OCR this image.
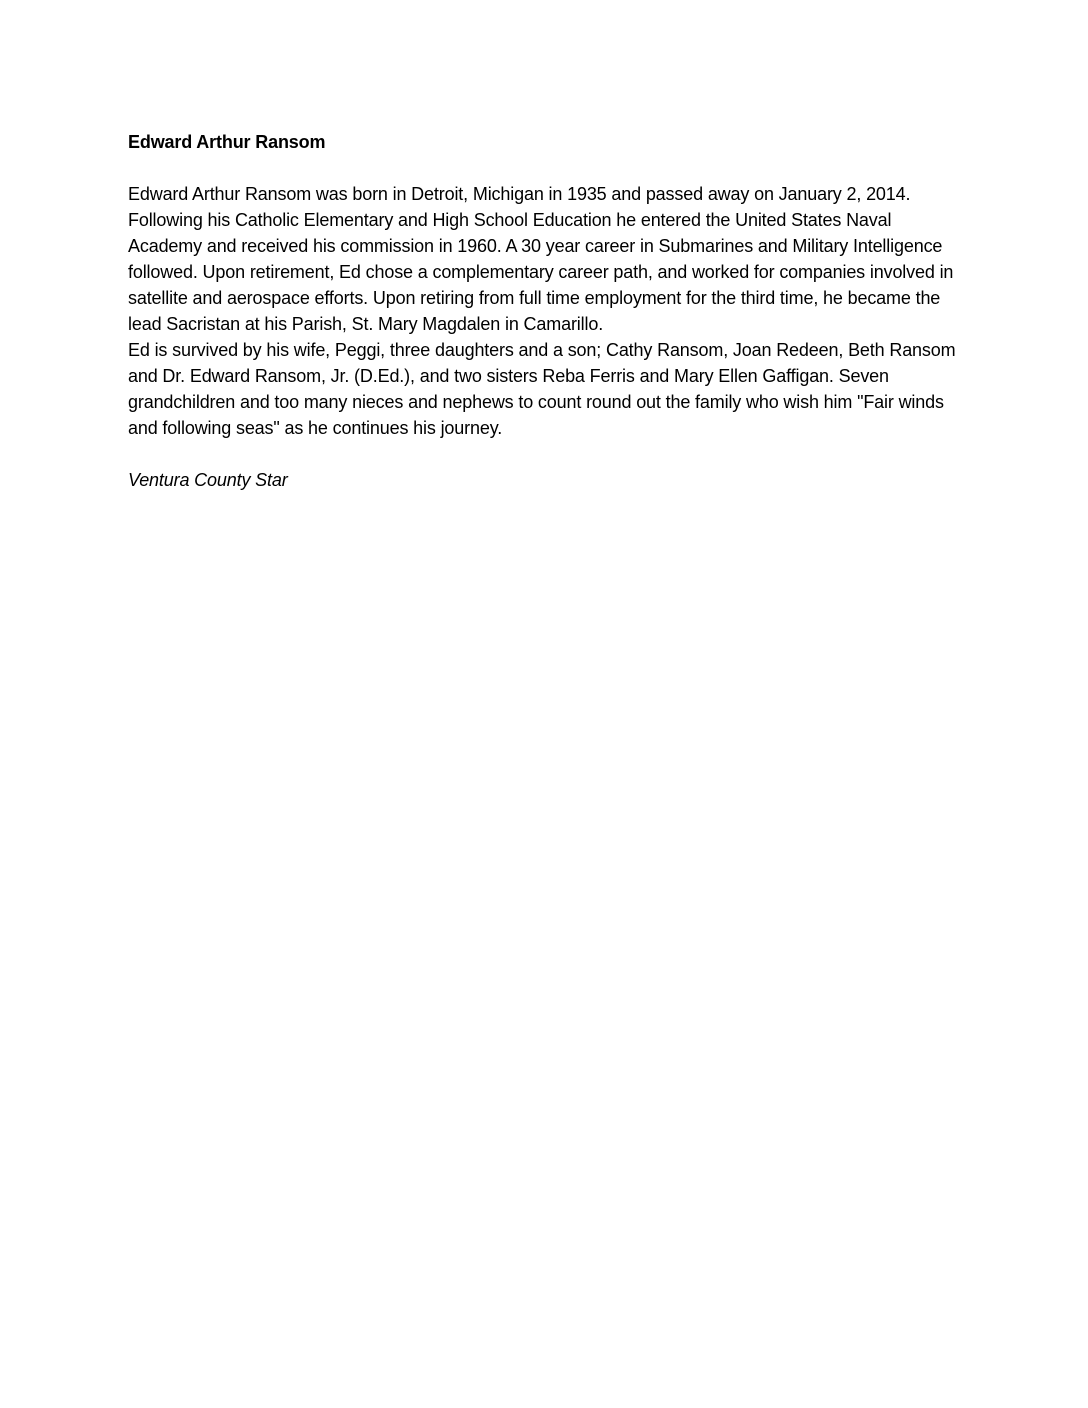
Edward Arthur Ransom

Edward Arthur Ransom was born in Detroit, Michigan in 1935 and passed away on January 2, 2014.

Following his Catholic Elementary and High School Education he entered the United States Naval Academy and received his commission in 1960. A 30 year career in Submarines and Military Intelligence followed. Upon retirement, Ed chose a complementary career path, and worked for companies involved in satellite and aerospace efforts. Upon retiring from full time employment for the third time, he became the lead Sacristan at his Parish, St. Mary Magdalen in Camarillo.

Ed is survived by his wife, Peggi, three daughters and a son; Cathy Ransom, Joan Redeen, Beth Ransom and Dr. Edward Ransom, Jr. (D.Ed.), and two sisters Reba Ferris and Mary Ellen Gaffigan. Seven grandchildren and too many nieces and nephews to count round out the family who wish him "Fair winds and following seas" as he continues his journey.

Ventura County Star
